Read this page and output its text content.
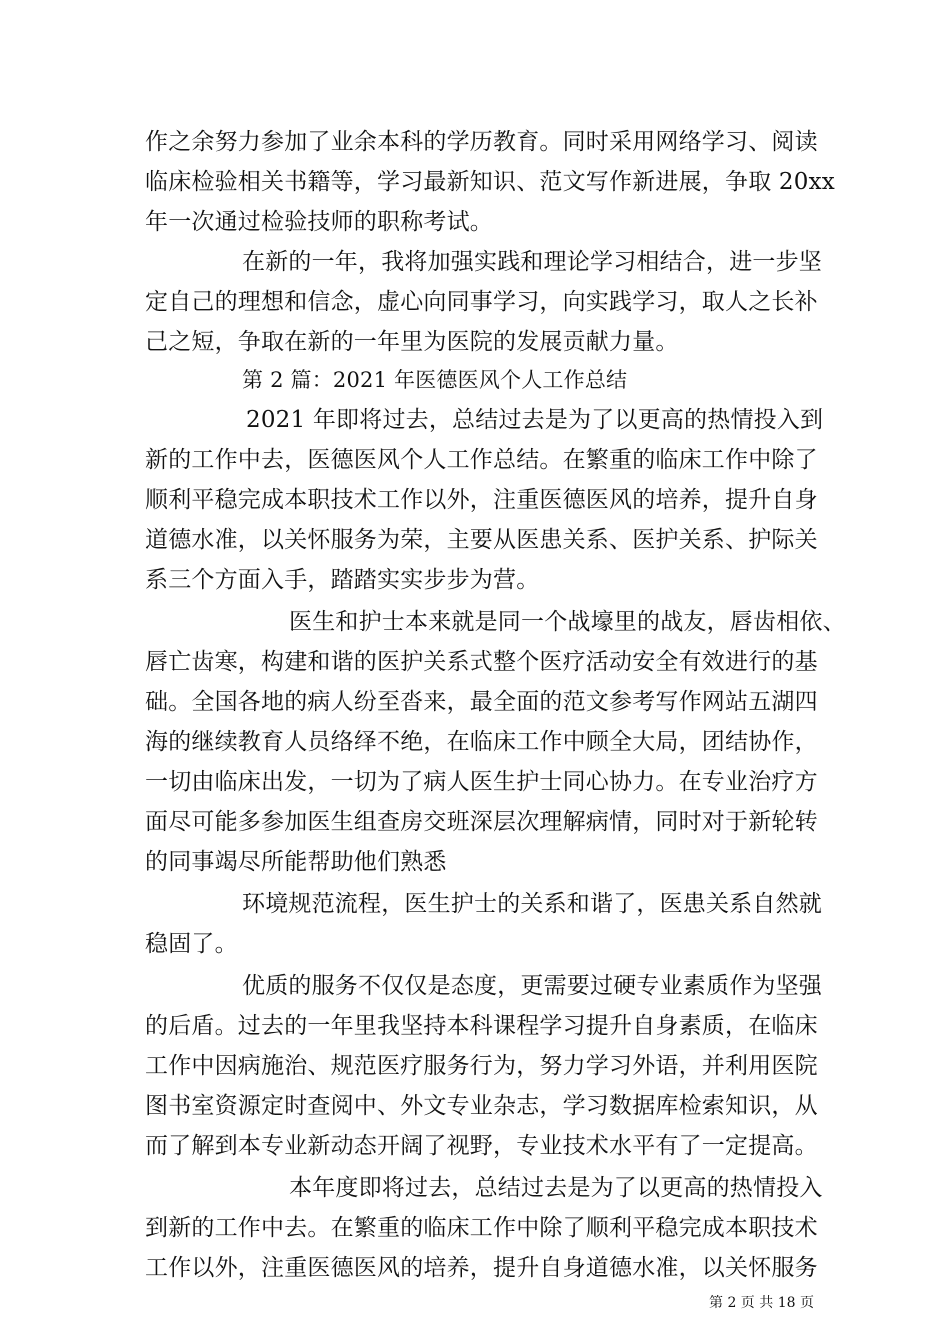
作之余努力参加了业余本科的学历教育。同时采用网络学习、阅读
临床检验相关书籍等，学习最新知识、范文写作新进展，争取 20xx
年一次通过检验技师的职称考试。
在新的一年，我将加强实践和理论学习相结合，进一步坚
定自己的理想和信念，虚心向同事学习，向实践学习，取人之长补
己之短，争取在新的一年里为医院的发展贡献力量。
第 2 篇：2021 年医德医风个人工作总结
2021 年即将过去，总结过去是为了以更高的热情投入到
新的工作中去，医德医风个人工作总结。在繁重的临床工作中除了
顺利平稳完成本职技术工作以外，注重医德医风的培养，提升自身
道德水准，以关怀服务为荣，主要从医患关系、医护关系、护际关
系三个方面入手，踏踏实实步步为营。
医生和护士本来就是同一个战壕里的战友，唇齿相依、
唇亡齿寒，构建和谐的医护关系式整个医疗活动安全有效进行的基
础。全国各地的病人纷至沓来，最全面的范文参考写作网站五湖四
海的继续教育人员络绎不绝，在临床工作中顾全大局，团结协作，
一切由临床出发，一切为了病人医生护士同心协力。在专业治疗方
面尽可能多参加医生组查房交班深层次理解病情，同时对于新轮转
的同事竭尽所能帮助他们熟悉
环境规范流程，医生护士的关系和谐了，医患关系自然就
稳固了。
优质的服务不仅仅是态度，更需要过硬专业素质作为坚强
的后盾。过去的一年里我坚持本科课程学习提升自身素质，在临床
工作中因病施治、规范医疗服务行为，努力学习外语，并利用医院
图书室资源定时查阅中、外文专业杂志，学习数据库检索知识，从
而了解到本专业新动态开阔了视野，专业技术水平有了一定提高。
本年度即将过去，总结过去是为了以更高的热情投入
到新的工作中去。在繁重的临床工作中除了顺利平稳完成本职技术
工作以外，注重医德医风的培养，提升自身道德水准，以关怀服务
第 2 页 共 18 页
